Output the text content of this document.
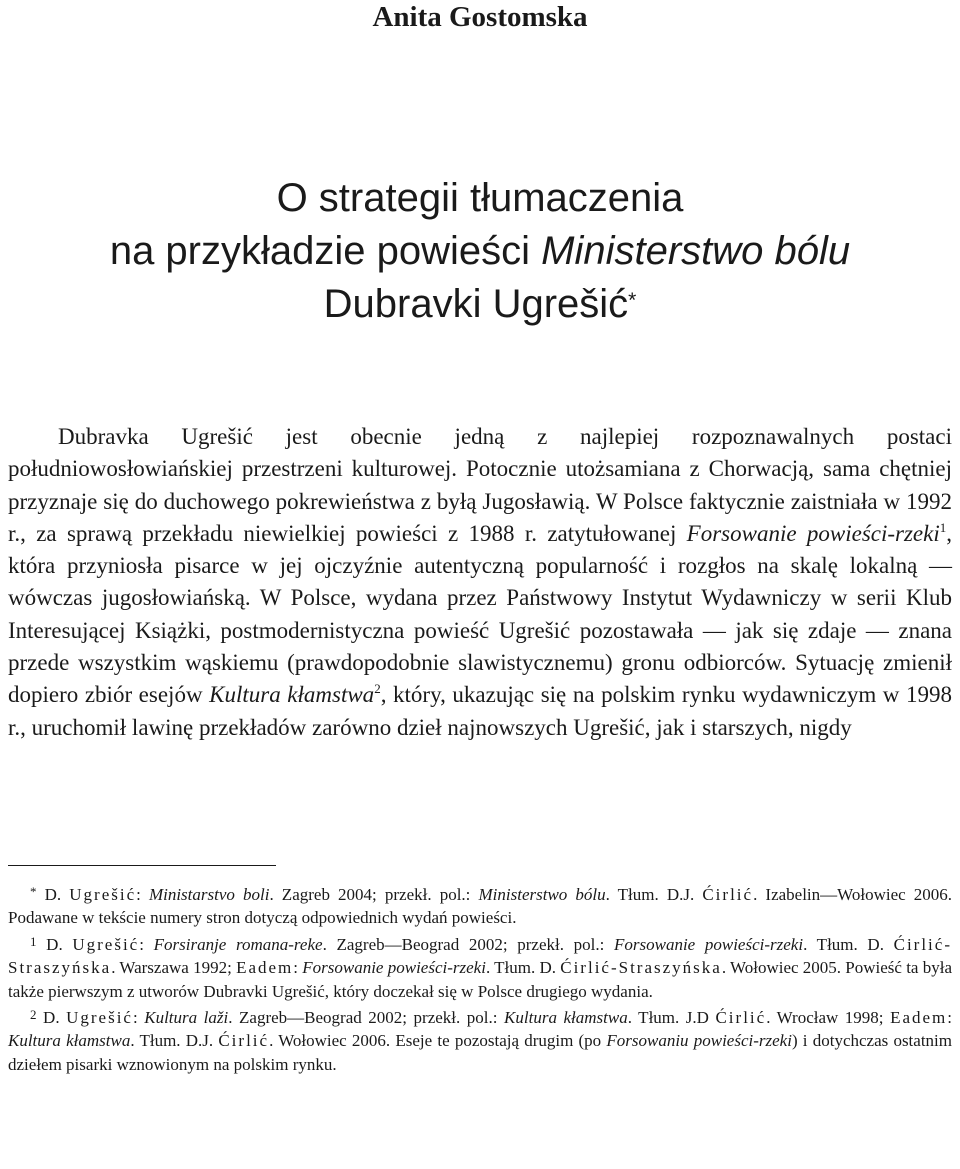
Anita Gostomska
O strategii tłumaczenia
na przykładzie powieści Ministerstwo bólu
Dubravki Ugrešić*

Dubravka Ugrešić jest obecnie jedną z najlepiej rozpoznawalnych postaci południowosłowiańskiej przestrzeni kulturowej. Potocznie utożsamiana z Chorwacją, sama chętniej przyznaje się do duchowego pokrewieństwa z byłą Jugosławią. W Polsce faktycznie zaistniała w 1992 r., za sprawą przekładu niewielkiej powieści z 1988 r. zatytułowanej Forsowanie powieści-rzeki$^1$, która przyniosła pisarce w jej ojczyźnie autentyczną popularność i rozgłos na skalę lokalną — wówczas jugosłowiańską. W Polsce, wydana przez Państwowy Instytut Wydawniczy w serii Klub Interesującej Książki, postmodernistyczna powieść Ugrešić pozostawała — jak się zdaje — znana przede wszystkim wąskiemu (prawdopodobnie slawistycznemu) gronu odbiorców. Sytuację zmienił dopiero zbiór esejów Kultura kłamstwa$^2$, który, ukazując się na polskim rynku wydawniczym w 1998 r., uruchomił lawinę przekładów zarówno dzieł najnowszych Ugrešić, jak i starszych, nigdy

* D. Ugrešić: Ministarstvo boli. Zagreb 2004; przekł. pol.: Ministerstwo bólu. Tłum. D.J. Ćirlić. Izabelin—Wołowiec 2006. Podawane w tekście numery stron dotyczą odpowiednich wydań powieści.

$^1$ D. Ugrešić: Forsiranje romana-reke. Zagreb—Beograd 2002; przekł. pol.: Forsowanie powieści-rzeki. Tłum. D. Ćirlić-Straszyńska. Warszawa 1992; Eadem: Forsowanie powieści-rzeki. Tłum. D. Ćirlić-Straszyńska. Wołowiec 2005. Powieść ta była także pierwszym z utworów Dubravki Ugrešić, który doczekał się w Polsce drugiego wydania.

$^2$ D. Ugrešić: Kultura laži. Zagreb—Beograd 2002; przekł. pol.: Kultura kłamstwa. Tłum. J.D Ćirlić. Wrocław 1998; Eadem: Kultura kłamstwa. Tłum. D.J. Ćirlić. Wołowiec 2006. Eseje te pozostają drugim (po Forsowaniu powieści-rzeki) i dotychczas ostatnim dziełem pisarki wznowionym na polskim rynku.
